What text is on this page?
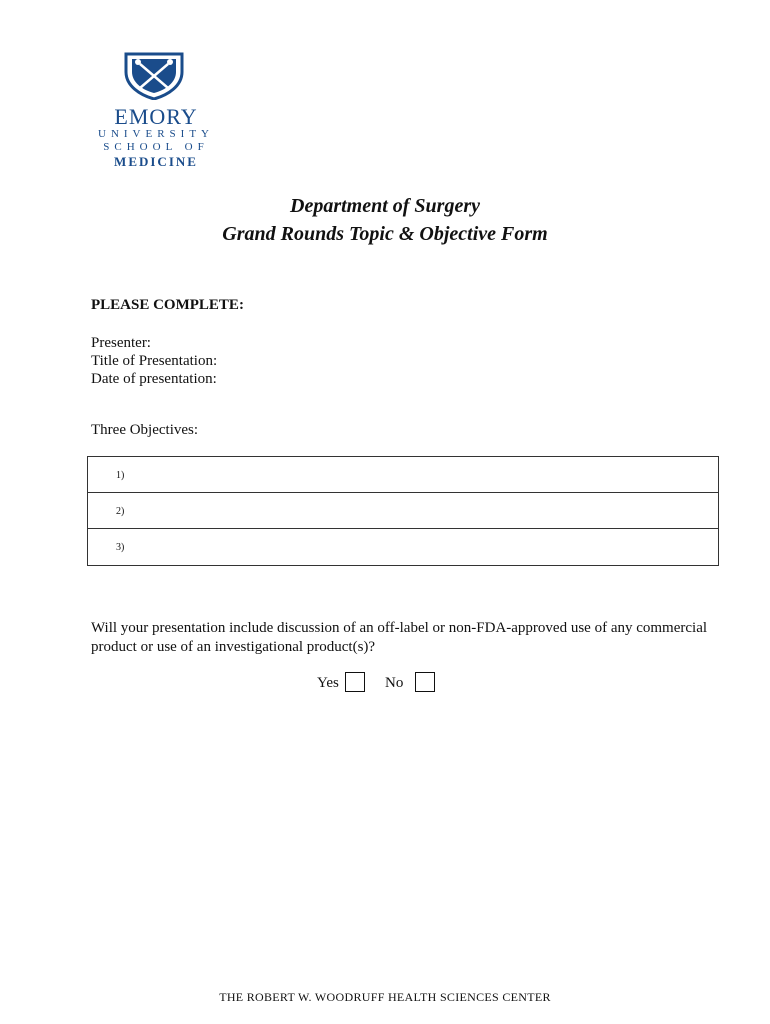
EMORY
UNIVERSITY
SCHOOL OF
MEDICINE
Department of Surgery
Grand Rounds Topic & Objective Form
PLEASE COMPLETE:
Presenter:
Title of Presentation:
Date of presentation:
Three Objectives:
1)
2)
3)
Will your presentation include discussion of an off-label or non-FDA-approved use of any commercial product or use of an investigational product(s)?
Yes	No
THE ROBERT W. WOODRUFF HEALTH SCIENCES CENTER
